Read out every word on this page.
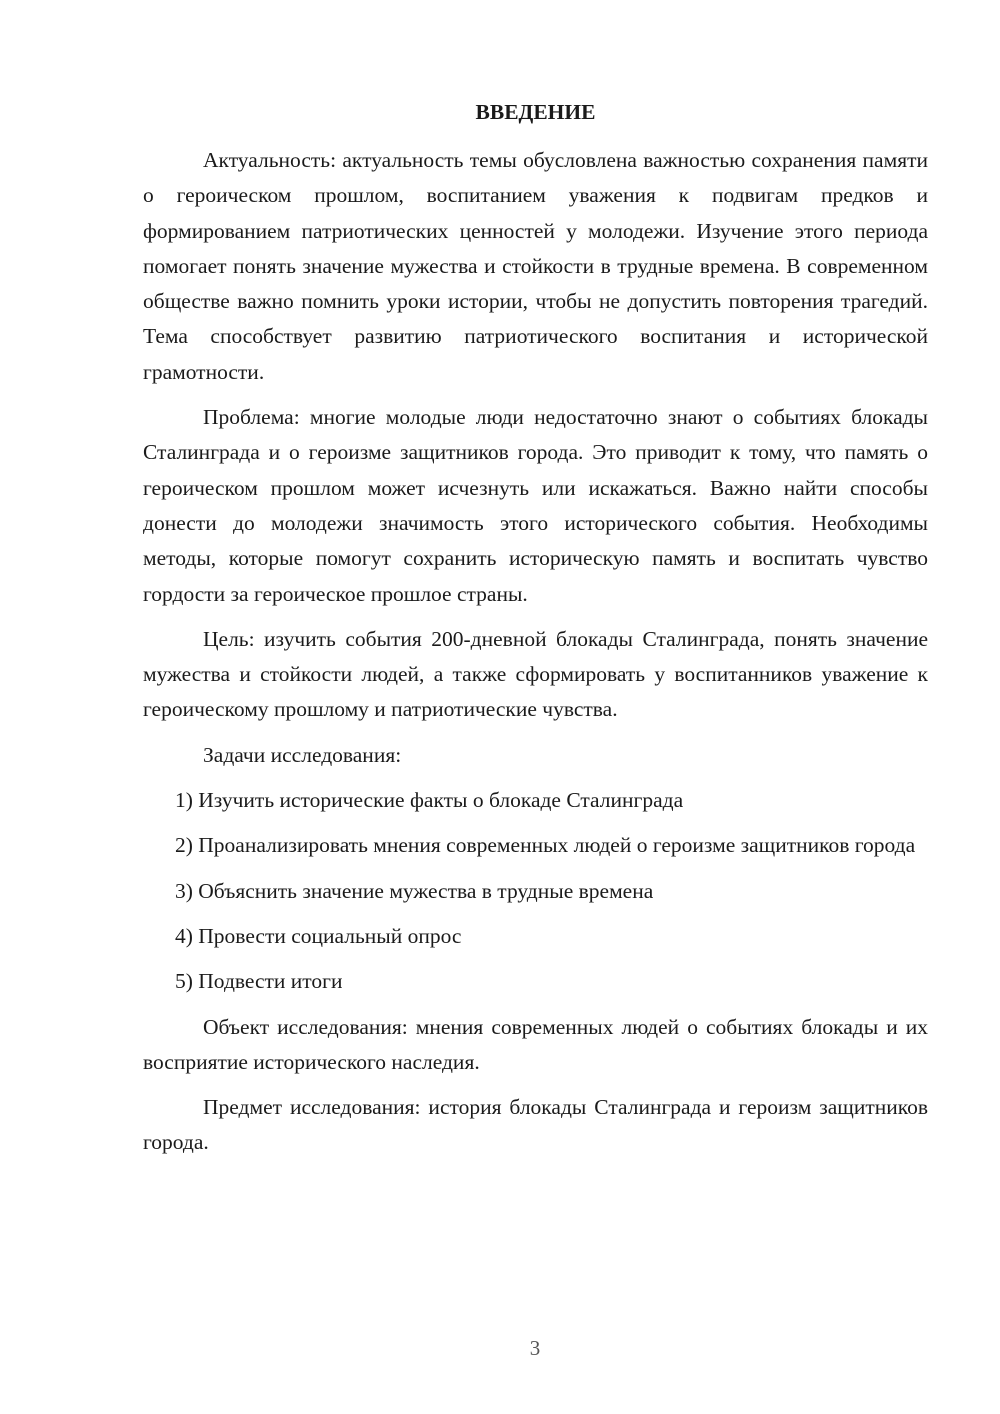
ВВЕДЕНИЕ

Актуальность: актуальность темы обусловлена важностью сохранения памяти о героическом прошлом, воспитанием уважения к подвигам предков и формированием патриотических ценностей у молодежи. Изучение этого периода помогает понять значение мужества и стойкости в трудные времена. В современном обществе важно помнить уроки истории, чтобы не допустить повторения трагедий. Тема способствует развитию патриотического воспитания и исторической грамотности.

Проблема: многие молодые люди недостаточно знают о событиях блокады Сталинграда и о героизме защитников города. Это приводит к тому, что память о героическом прошлом может исчезнуть или искажаться. Важно найти способы донести до молодежи значимость этого исторического события. Необходимы методы, которые помогут сохранить историческую память и воспитать чувство гордости за героическое прошлое страны.

Цель: изучить события 200-дневной блокады Сталинграда, понять значение мужества и стойкости людей, а также сформировать у воспитанников уважение к героическому прошлому и патриотические чувства.

Задачи исследования:

1) Изучить исторические факты о блокаде Сталинграда

2) Проанализировать мнения современных людей о героизме защитников города

3) Объяснить значение мужества в трудные времена

4) Провести социальный опрос

5) Подвести итоги

Объект исследования: мнения современных людей о событиях блокады и их восприятие исторического наследия.

Предмет исследования: история блокады Сталинграда и героизм защитников города.

3
